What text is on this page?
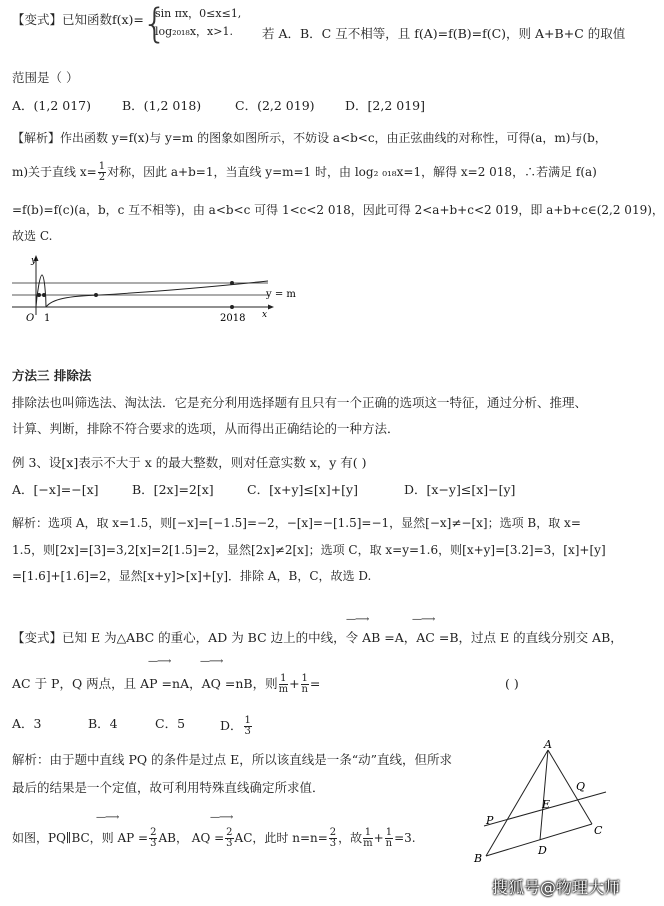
【变式】已知函数f(x)=
{
sin πx，0≤x≤1,
log₂₀₁₈x，x>1. 若 A．B．C 互不相等，且 f(A)=f(B)=f(C)，则 A+B+C 的取值
范围是（ ）
A．(1,2 017) B．(1,2 018)	C．(2,2 019) D．[2,2 019]
【解析】作出函数 y=f(x)与 y=m 的图象如图所示，不妨设 a<b<c，由正弦曲线的对称性，可得(a，m)与(b，
m)关于直线 $x= \frac{1}{2}$ 对称，因此 a+b=1，当直线 y=m=1 时，由 log₂ ₀₁₈x=1，解得 x=2 018，∴若满足 f(a)
=f(b)=f(c)(a，b，c 互不相等)，由 a<b<c 可得 1<c<2 018，因此可得 2<a+b+c<2 019，即 a+b+c∈(2,2 019)，
故选 C.
y
x
O 1	2018
y = m
方法三 排除法
排除法也叫筛选法、淘汰法．它是充分利用选择题有且只有一个正确的选项这一特征，通过分析、推理、
计算、判断，排除不符合要求的选项，从而得出正确结论的一种方法．
例 3、设[x]表示不大于 x 的最大整数，则对任意实数 x，y 有( )
A．[−x]=−[x]	B．[2x]=2[x]	C．[x+y]≤[x]+[y]	D．[x−y]≤[x]−[y]
解析：选项 A，取 x=1.5，则[−x]=[−1.5]=−2，−[x]=−[1.5]=−1，显然[−x]≠−[x]；选项 B，取 x=
1.5，则[2x]=[3]=3,2[x]=2[1.5]=2，显然[2x]≠2[x]；选项 C，取 x=y=1.6，则[x+y]=[3.2]=3，[x]+[y]
=[1.6]+[1.6]=2，显然[x+y]>[x]+[y]．排除 A，B，C，故选 D.
—⟶	—⟶
【变式】已知 E 为△ABC 的重心，AD 为 BC 边上的中线，令 AB =A，AC =B，过点 E 的直线分别交 AB，
—⟶	—⟶
AC 于 P，Q 两点，且 AP =nA，AQ =nB，则 $\frac{1}{m} + \frac{1}{n}$ =	( )
A．3	B．4	C．5	D． $\frac{1}{3}$
解析：由于题中直线 PQ 的条件是过点 E，所以该直线是一条“动”直线，但所求
最后的结果是一个定值，故可利用特殊直线确定所求值．
—⟶	—⟶
如图，PQ∥BC，则 AP = $\frac{2}{3}$ AB， AQ = $\frac{2}{3}$ AC，此时 $n=n= \frac{2}{3}$ ，故 $\frac{1}{m} + \frac{1}{n} =3$.
A
B
C
D
E
P
Q
搜狐号@物理大师
